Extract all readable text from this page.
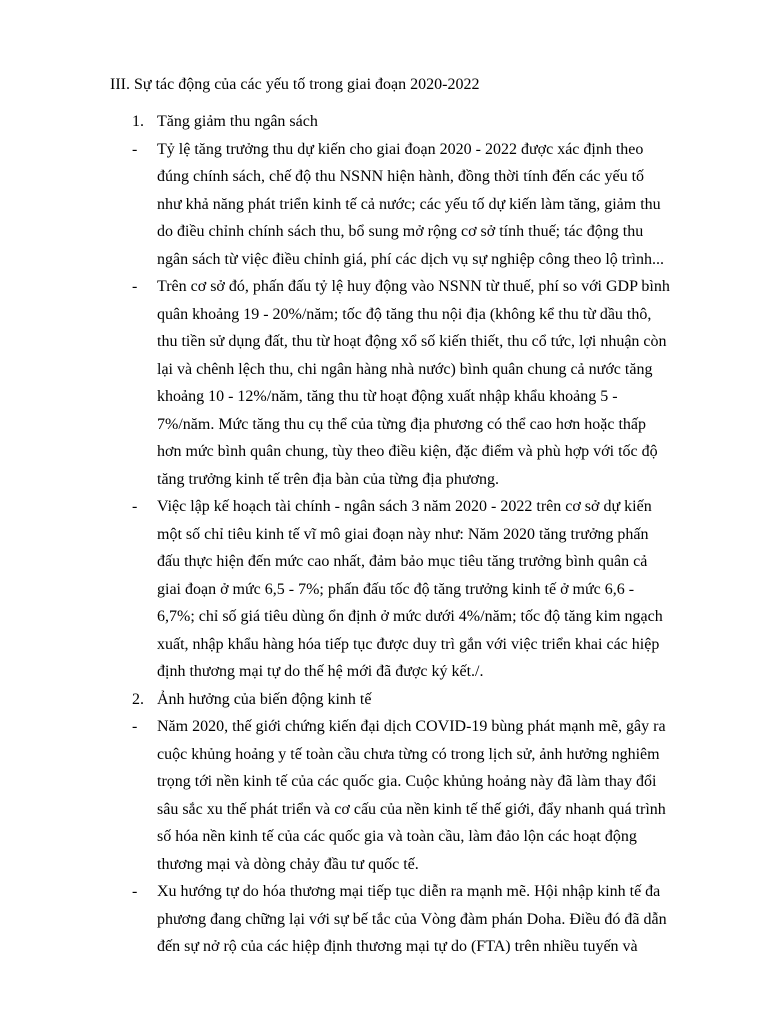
III. Sự tác động của các yếu tố trong giai đoạn 2020-2022
1. Tăng giảm thu ngân sách
- Tỷ lệ tăng trưởng thu dự kiến cho giai đoạn 2020 - 2022 được xác định theo
đúng chính sách, chế độ thu NSNN hiện hành, đồng thời tính đến các yếu tố
như khả năng phát triển kinh tế cả nước; các yếu tố dự kiến làm tăng, giảm thu
do điều chỉnh chính sách thu, bổ sung mở rộng cơ sở tính thuế; tác động thu
ngân sách từ việc điều chỉnh giá, phí các dịch vụ sự nghiệp công theo lộ trình...
- Trên cơ sở đó, phấn đấu tỷ lệ huy động vào NSNN từ thuế, phí so với GDP bình
quân khoảng 19 - 20%/năm; tốc độ tăng thu nội địa (không kể thu từ dầu thô,
thu tiền sử dụng đất, thu từ hoạt động xổ số kiến thiết, thu cổ tức, lợi nhuận còn
lại và chênh lệch thu, chi ngân hàng nhà nước) bình quân chung cả nước tăng
khoảng 10 - 12%/năm, tăng thu từ hoạt động xuất nhập khẩu khoảng 5 -
7%/năm. Mức tăng thu cụ thể của từng địa phương có thể cao hơn hoặc thấp
hơn mức bình quân chung, tùy theo điều kiện, đặc điểm và phù hợp với tốc độ
tăng trưởng kinh tế trên địa bàn của từng địa phương.
- Việc lập kế hoạch tài chính - ngân sách 3 năm 2020 - 2022 trên cơ sở dự kiến
một số chỉ tiêu kinh tế vĩ mô giai đoạn này như: Năm 2020 tăng trưởng phấn
đấu thực hiện đến mức cao nhất, đảm bảo mục tiêu tăng trưởng bình quân cả
giai đoạn ở mức 6,5 - 7%; phấn đấu tốc độ tăng trưởng kinh tế ở mức 6,6 -
6,7%; chỉ số giá tiêu dùng ổn định ở mức dưới 4%/năm; tốc độ tăng kim ngạch
xuất, nhập khẩu hàng hóa tiếp tục được duy trì gắn với việc triển khai các hiệp
định thương mại tự do thế hệ mới đã được ký kết./.
2. Ảnh hưởng của biến động kinh tế
- Năm 2020, thế giới chứng kiến đại dịch COVID-19 bùng phát mạnh mẽ, gây ra
cuộc khủng hoảng y tế toàn cầu chưa từng có trong lịch sử, ảnh hưởng nghiêm
trọng tới nền kinh tế của các quốc gia. Cuộc khủng hoảng này đã làm thay đổi
sâu sắc xu thế phát triển và cơ cấu của nền kinh tế thế giới, đẩy nhanh quá trình
số hóa nền kinh tế của các quốc gia và toàn cầu, làm đảo lộn các hoạt động
thương mại và dòng chảy đầu tư quốc tế.
- Xu hướng tự do hóa thương mại tiếp tục diễn ra mạnh mẽ. Hội nhập kinh tế đa
phương đang chững lại với sự bế tắc của Vòng đàm phán Doha. Điều đó đã dẫn
đến sự nở rộ của các hiệp định thương mại tự do (FTA) trên nhiều tuyến và
